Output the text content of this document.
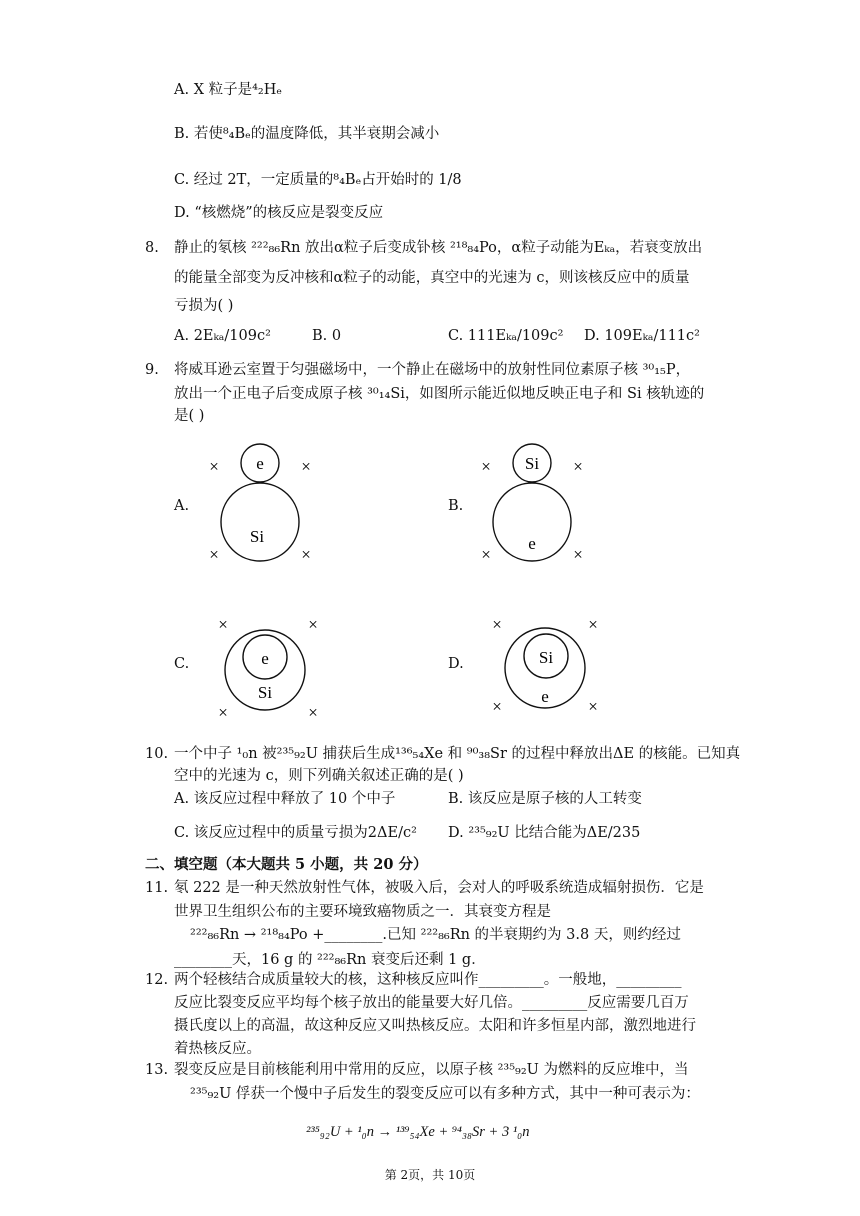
A. X 粒子是⁴₂Hₑ
B. 若使⁸₄Bₑ的温度降低，其半衰期会减小
C. 经过 2T，一定质量的⁸₄Bₑ占开始时的 1/8
D. “核燃烧”的核反应是裂变反应
8. 静止的氡核 ²²²₈₆Rn 放出α粒子后变成钋核 ²¹⁸₈₄Po，α粒子动能为Eₖₐ，若衰变放出
的能量全部变为反冲核和α粒子的动能，真空中的光速为 c，则该核反应中的质量
亏损为( )
A. 2Eₖₐ/109c²	B. 0	C. 111Eₖₐ/109c² D. 109Eₖₐ/111c²
9. 将威耳逊云室置于匀强磁场中，一个静止在磁场中的放射性同位素原子核 ³⁰₁₅P，
放出一个正电子后变成原子核 ³⁰₁₄Si，如图所示能近似地反映正电子和 Si 核轨迹的
是( )
A.
e
Si
×	×
×	×
B.
Si
e
×	×
×	×
C.	e
Si
×	×
×	×
D.	Si
e
×	×
×	×
10. 一个中子 ¹₀n 被²³⁵₉₂U 捕获后生成¹³⁶₅₄Xe 和 ⁹⁰₃₈Sr 的过程中释放出ΔE 的核能。已知真
空中的光速为 c，则下列确关叙述正确的是( )
A. 该反应过程中释放了 10 个中子	B. 该反应是原子核的人工转变
C. 该反应过程中的质量亏损为2ΔE/c² D. ²³⁵₉₂U 比结合能为ΔE/235
二、填空题（本大题共 5 小题，共 20 分）
11. 氡 222 是一种天然放射性气体，被吸入后，会对人的呼吸系统造成辐射损伤．它是
世界卫生组织公布的主要环境致癌物质之一．其衰变方程是
²²²₈₆Rn → ²¹⁸₈₄Po +________.已知 ²²²₈₆Rn 的半衰期约为 3.8 天，则约经过
________天，16 g 的 ²²²₈₆Rn 衰变后还剩 1 g．
12. 两个轻核结合成质量较大的核，这种核反应叫作_________。一般地，_________
反应比裂变反应平均每个核子放出的能量要大好几倍。_________反应需要几百万
摄氏度以上的高温，故这种反应又叫热核反应。太阳和许多恒星内部，激烈地进行
着热核反应。
13. 裂变反应是目前核能利用中常用的反应，以原子核 ²³⁵₉₂U 为燃料的反应堆中，当
²³⁵₉₂U 俘获一个慢中子后发生的裂变反应可以有多种方式，其中一种可表示为：
²³⁵₉₂U + ¹₀n → ¹³⁹₅₄Xe + ⁹⁴₃₈Sr + 3 ¹₀n
第 2页，共 10页
